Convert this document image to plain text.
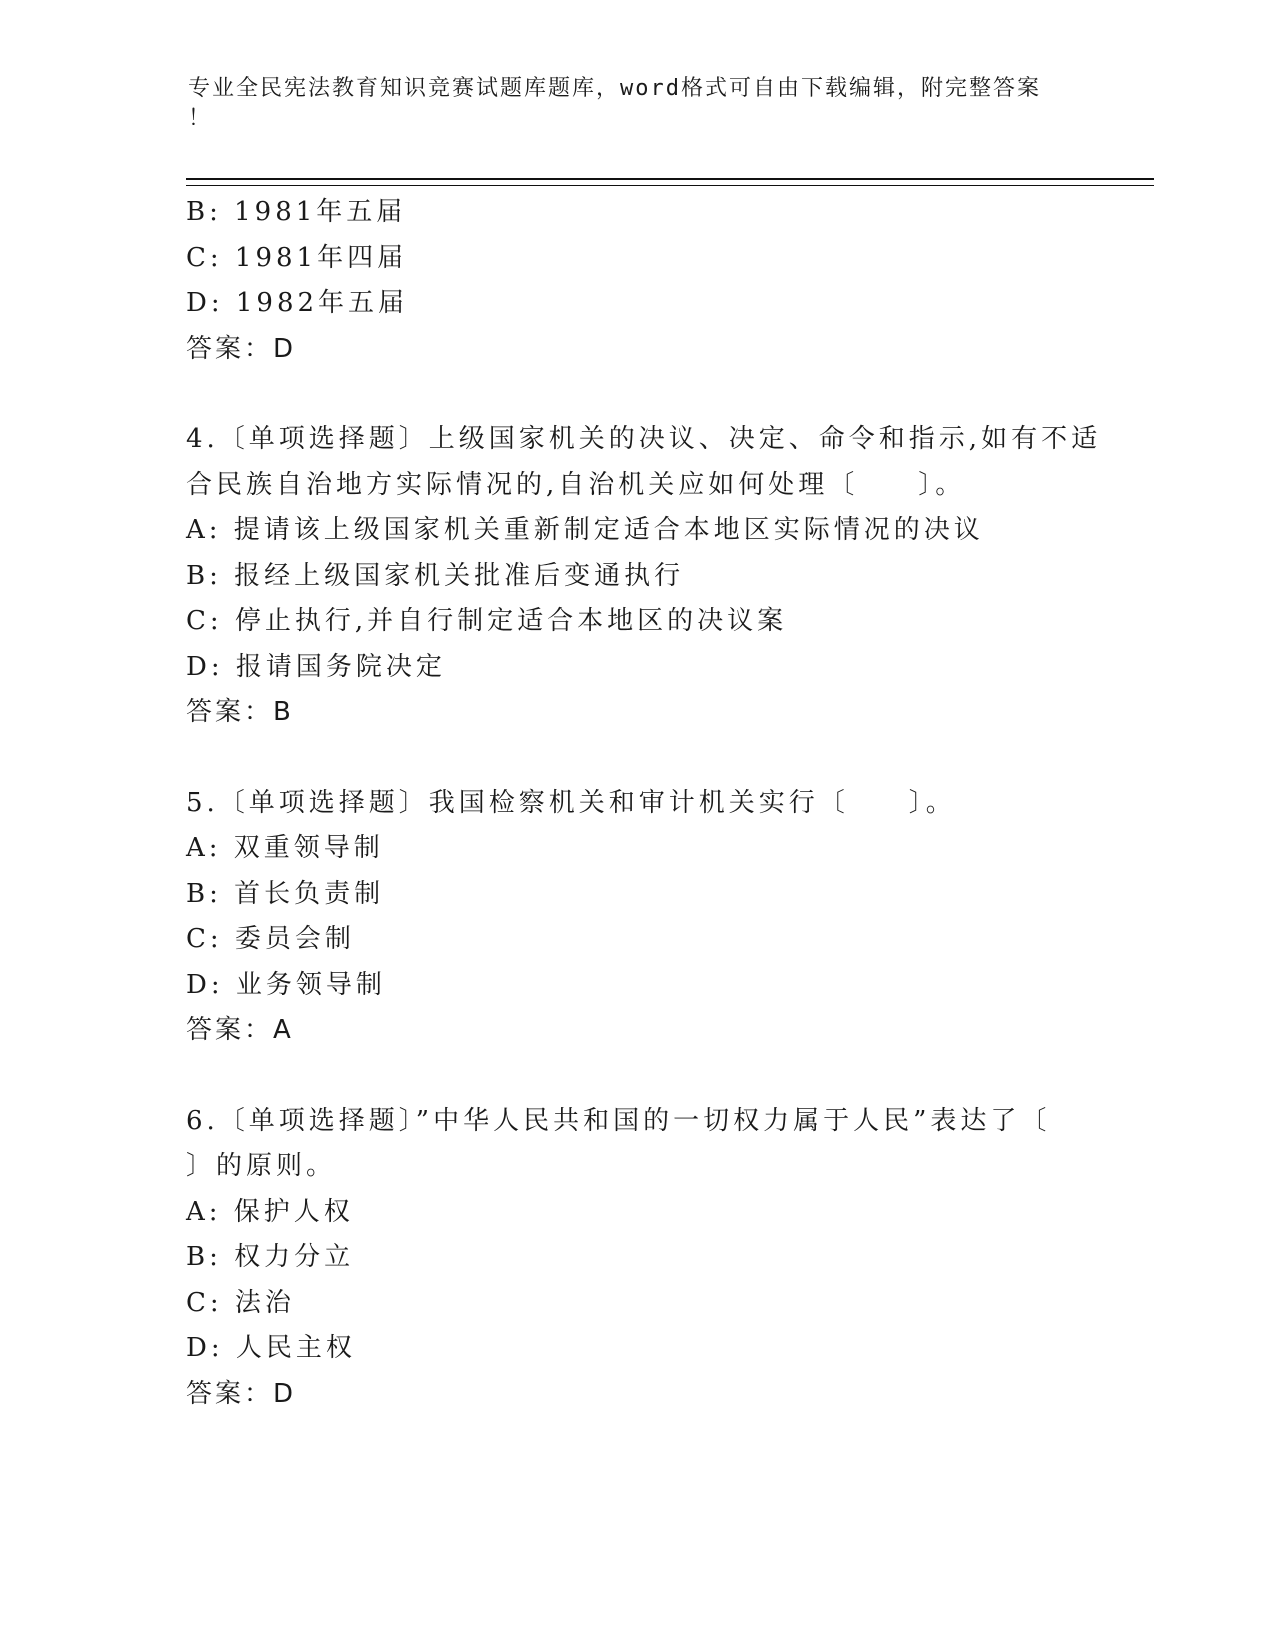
专业全民宪法教育知识竞赛试题库题库，word格式可自由下载编辑，附完整答案
！
B: 1981年五届
C: 1981年四届
D: 1982年五届
答案：D
4.〔单项选择题〕上级国家机关的决议、决定、命令和指示,如有不适
合民族自治地方实际情况的,自治机关应如何处理〔　　〕。
A: 提请该上级国家机关重新制定适合本地区实际情况的决议
B: 报经上级国家机关批准后变通执行
C: 停止执行,并自行制定适合本地区的决议案
D: 报请国务院决定
答案：B
5.〔单项选择题〕我国检察机关和审计机关实行〔　　〕。
A: 双重领导制
B: 首长负责制
C: 委员会制
D: 业务领导制
答案：A
6.〔单项选择题〕”中华人民共和国的一切权力属于人民”表达了〔
〕的原则。
A: 保护人权
B: 权力分立
C: 法治
D: 人民主权
答案：D
